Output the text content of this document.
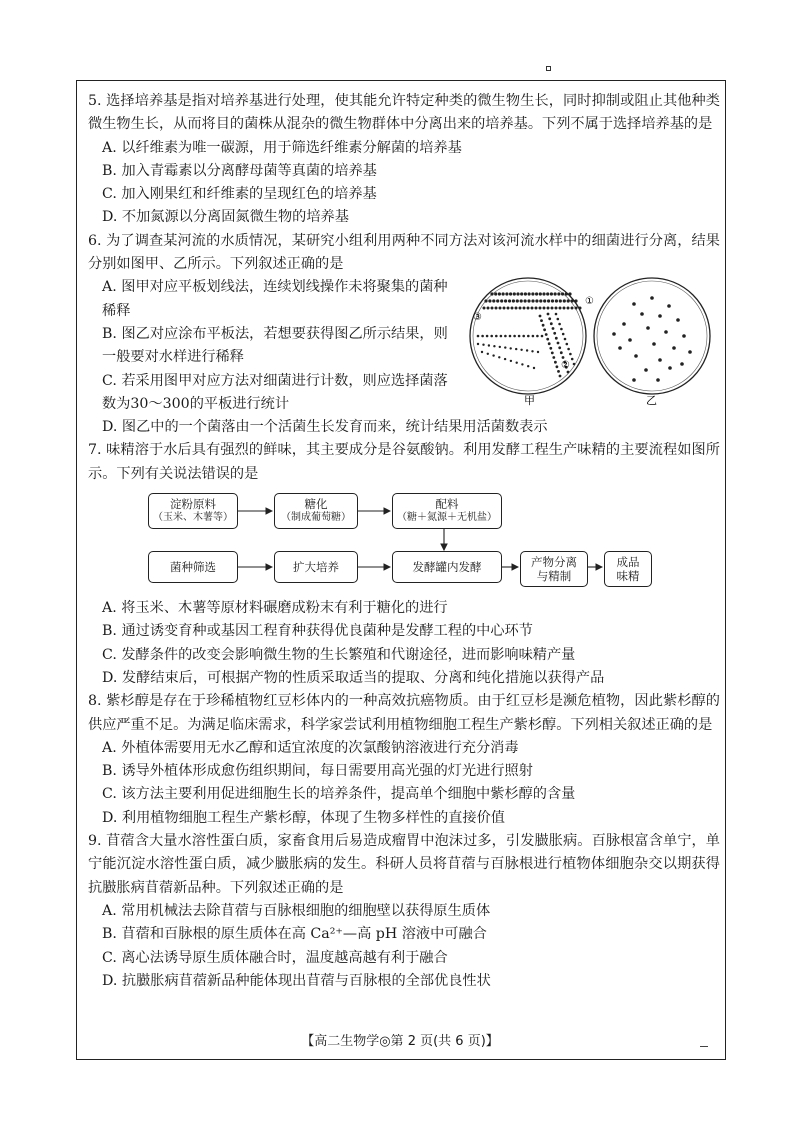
5. 选择培养基是指对培养基进行处理，使其能允许特定种类的微生物生长，同时抑制或阻止其他种类微生物生长，从而将目的菌株从混杂的微生物群体中分离出来的培养基。下列不属于选择培养基的是

A. 以纤维素为唯一碳源，用于筛选纤维素分解菌的培养基

B. 加入青霉素以分离酵母菌等真菌的培养基

C. 加入刚果红和纤维素的呈现红色的培养基

D. 不加氮源以分离固氮微生物的培养基

6. 为了调查某河流的水质情况，某研究小组利用两种不同方法对该河流水样中的细菌进行分离，结果分别如图甲、乙所示。下列叙述正确的是

A. 图甲对应平板划线法，连续划线操作未将聚集的菌种稀释

B. 图乙对应涂布平板法，若想要获得图乙所示结果，则一般要对水样进行稀释

C. 若采用图甲对应方法对细菌进行计数，则应选择菌落数为30～300的平板进行统计

①
②
③
甲	乙

D. 图乙中的一个菌落由一个活菌生长发育而来，统计结果用活菌数表示

7. 味精溶于水后具有强烈的鲜味，其主要成分是谷氨酸钠。利用发酵工程生产味精的主要流程如图所示。下列有关说法错误的是

淀粉原料
（玉米、木薯等）
糖化
（制成葡萄糖）
配料
（糖＋氮源＋无机盐）
菌种筛选	扩大培养	发酵罐内发酵	产物分离与精制
成品味精

A. 将玉米、木薯等原材料碾磨成粉末有利于糖化的进行

B. 通过诱变育种或基因工程育种获得优良菌种是发酵工程的中心环节

C. 发酵条件的改变会影响微生物的生长繁殖和代谢途径，进而影响味精产量

D. 发酵结束后，可根据产物的性质采取适当的提取、分离和纯化措施以获得产品

8. 紫杉醇是存在于珍稀植物红豆杉体内的一种高效抗癌物质。由于红豆杉是濒危植物，因此紫杉醇的供应严重不足。为满足临床需求，科学家尝试利用植物细胞工程生产紫杉醇。下列相关叙述正确的是

A. 外植体需要用无水乙醇和适宜浓度的次氯酸钠溶液进行充分消毒

B. 诱导外植体形成愈伤组织期间，每日需要用高光强的灯光进行照射

C. 该方法主要利用促进细胞生长的培养条件，提高单个细胞中紫杉醇的含量

D. 利用植物细胞工程生产紫杉醇，体现了生物多样性的直接价值

9. 苜蓿含大量水溶性蛋白质，家畜食用后易造成瘤胃中泡沫过多，引发臌胀病。百脉根富含单宁，单宁能沉淀水溶性蛋白质，减少臌胀病的发生。科研人员将苜蓿与百脉根进行植物体细胞杂交以期获得抗臌胀病苜蓿新品种。下列叙述正确的是

A. 常用机械法去除苜蓿与百脉根细胞的细胞壁以获得原生质体

B. 苜蓿和百脉根的原生质体在高 Ca²⁺—高 pH 溶液中可融合

C. 离心法诱导原生质体融合时，温度越高越有利于融合

D. 抗臌胀病苜蓿新品种能体现出苜蓿与百脉根的全部优良性状

【高二生物学◎第 2 页(共 6 页)】
